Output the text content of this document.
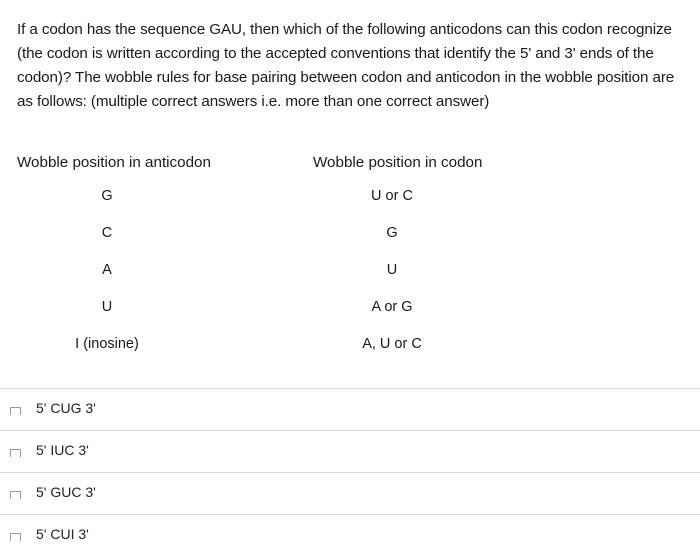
If a codon has the sequence GAU, then which of the following anticodons can this codon recognize (the codon is written according to the accepted conventions that identify the 5' and 3' ends of the codon)? The wobble rules for base pairing between codon and anticodon in the wobble position are as follows: (multiple correct answers i.e. more than one correct answer)

Wobble position in anticodon	Wobble position in codon
G	U or C
C	G
A	U
U	A or G
I (inosine)	A, U or C
5' CUG 3'
5' IUC 3'
5' GUC 3'
5' CUI 3'
